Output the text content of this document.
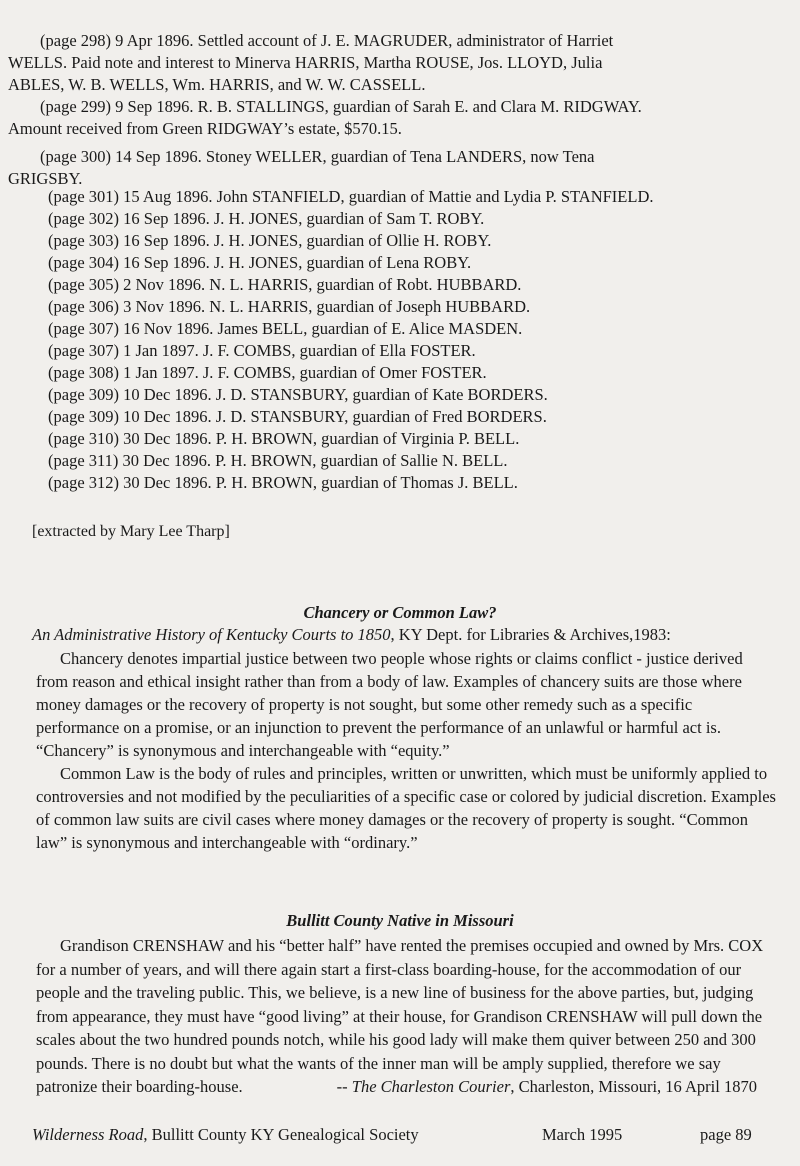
(page 298) 9 Apr 1896. Settled account of J. E. MAGRUDER, administrator of Harriet
WELLS. Paid note and interest to Minerva HARRIS, Martha ROUSE, Jos. LLOYD, Julia
ABLES, W. B. WELLS, Wm. HARRIS, and W. W. CASSELL.
(page 299) 9 Sep 1896. R. B. STALLINGS, guardian of Sarah E. and Clara M. RIDGWAY.
Amount received from Green RIDGWAY’s estate, $570.15.
(page 300) 14 Sep 1896. Stoney WELLER, guardian of Tena LANDERS, now Tena
GRIGSBY.
(page 301) 15 Aug 1896. John STANFIELD, guardian of Mattie and Lydia P. STANFIELD.
(page 302) 16 Sep 1896. J. H. JONES, guardian of Sam T. ROBY.
(page 303) 16 Sep 1896. J. H. JONES, guardian of Ollie H. ROBY.
(page 304) 16 Sep 1896. J. H. JONES, guardian of Lena ROBY.
(page 305) 2 Nov 1896. N. L. HARRIS, guardian of Robt. HUBBARD.
(page 306) 3 Nov 1896. N. L. HARRIS, guardian of Joseph HUBBARD.
(page 307) 16 Nov 1896. James BELL, guardian of E. Alice MASDEN.
(page 307) 1 Jan 1897. J. F. COMBS, guardian of Ella FOSTER.
(page 308) 1 Jan 1897. J. F. COMBS, guardian of Omer FOSTER.
(page 309) 10 Dec 1896. J. D. STANSBURY, guardian of Kate BORDERS.
(page 309) 10 Dec 1896. J. D. STANSBURY, guardian of Fred BORDERS.
(page 310) 30 Dec 1896. P. H. BROWN, guardian of Virginia P. BELL.
(page 311) 30 Dec 1896. P. H. BROWN, guardian of Sallie N. BELL.
(page 312) 30 Dec 1896. P. H. BROWN, guardian of Thomas J. BELL.
[extracted by Mary Lee Tharp]
Chancery or Common Law?
An Administrative History of Kentucky Courts to 1850, KY Dept. for Libraries & Archives,1983:

Chancery denotes impartial justice between two people whose rights or claims conflict - justice derived from reason and ethical insight rather than from a body of law. Examples of chancery suits are those where money damages or the recovery of property is not sought, but some other remedy such as a specific performance on a promise, or an injunction to prevent the performance of an unlawful or harmful act is. “Chancery” is synonymous and interchangeable with “equity.”

Common Law is the body of rules and principles, written or unwritten, which must be uniformly applied to controversies and not modified by the peculiarities of a specific case or colored by judicial discretion. Examples of common law suits are civil cases where money damages or the recovery of property is sought. “Common law” is synonymous and interchangeable with “ordinary.”

Bullitt County Native in Missouri

Grandison CRENSHAW and his “better half” have rented the premises occupied and owned by Mrs. COX for a number of years, and will there again start a first-class boarding-house, for the accommodation of our people and the traveling public. This, we believe, is a new line of business for the above parties, but, judging from appearance, they must have “good living” at their house, for Grandison CRENSHAW will pull down the scales about the two hundred pounds notch, while his good lady will make them quiver between 250 and 300 pounds. There is no doubt but what the wants of the inner man will be amply supplied, therefore we say patronize their boarding-house.	-- The Charleston Courier, Charleston, Missouri, 16 April 1870

Wilderness Road, Bullitt County KY Genealogical Society	March 1995	page 89
